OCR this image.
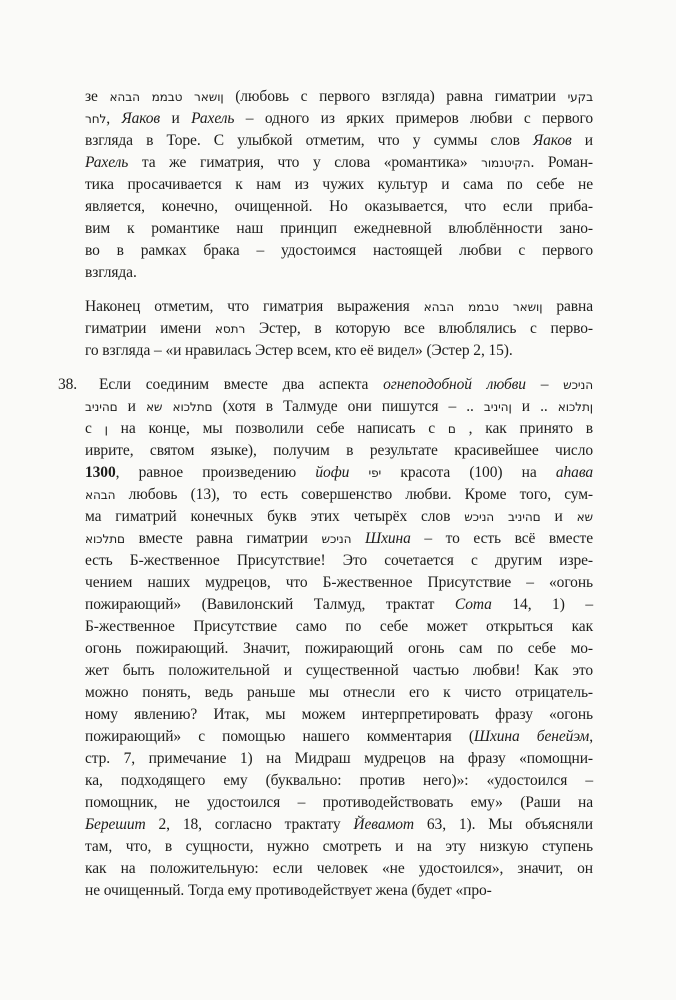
зе אהבה ממבט ראשון (любовь с первого взгляда) равна гиматрии יעקב
רחל, Яаков и Рахель – одного из ярких примеров любви с первого
взгляда в Торе. С улыбкой отметим, что у суммы слов Яаков и
Рахель та же гиматрия, что у слова «романтика» רומנטיקה. Роман-
тика просачивается к нам из чужих культур и сама по себе не
является, конечно, очищенной. Но оказывается, что если приба-
вим к романтике наш принцип ежедневной влюблённости зано-
во в рамках брака – удостоимся настоящей любви с первого
взгляда.
Наконец отметим, что гиматрия выражения אהבה ממבט ראשון равна
гиматрии имени אסתר Эстер, в которую все влюблялись с перво-
го взгляда – «и нравилась Эстер всем, кто её видел» (Эстер 2, 15).
38.	Если соединим вместе два аспекта огнеподобной любви – שכינה
ביניהם и אש אוכלתם (хотя в Талмуде они пишутся – .. ביניהן и .. אוכלתן
с ן на конце, мы позволили себе написать с ם , как принято в
иврите, святом языке), получим в результате красивейшее число
1300, равное произведению йофи יפי красота (100) на аhава
אהבה любовь (13), то есть совершенство любви. Кроме того, сум-
ма гиматрий конечных букв этих четырёх слов שכינה ביניהם и אש
אוכלתם вместе равна гиматрии שכינה Шхина – то есть всё вместе
есть Б-жественное Присутствие! Это сочетается с другим изре-
чением наших мудрецов, что Б-жественное Присутствие – «огонь
пожирающий» (Вавилонский Талмуд, трактат Сота 14, 1) –
Б-жественное Присутствие само по себе может открыться как
огонь пожирающий. Значит, пожирающий огонь сам по себе мо-
жет быть положительной и существенной частью любви! Как это
можно понять, ведь раньше мы отнесли его к чисто отрицатель-
ному явлению? Итак, мы можем интерпретировать фразу «огонь
пожирающий» с помощью нашего комментария (Шхина бенейэм,
стр. 7, примечание 1) на Мидраш мудрецов на фразу «помощни-
ка, подходящего ему (буквально: против него)»: «удостоился –
помощник, не удостоился – противодействовать ему» (Раши на
Берешит 2, 18, согласно трактату Йевамот 63, 1). Мы объясняли
там, что, в сущности, нужно смотреть и на эту низкую ступень
как на положительную: если человек «не удостоился», значит, он
не очищенный. Тогда ему противодействует жена (будет «про-
